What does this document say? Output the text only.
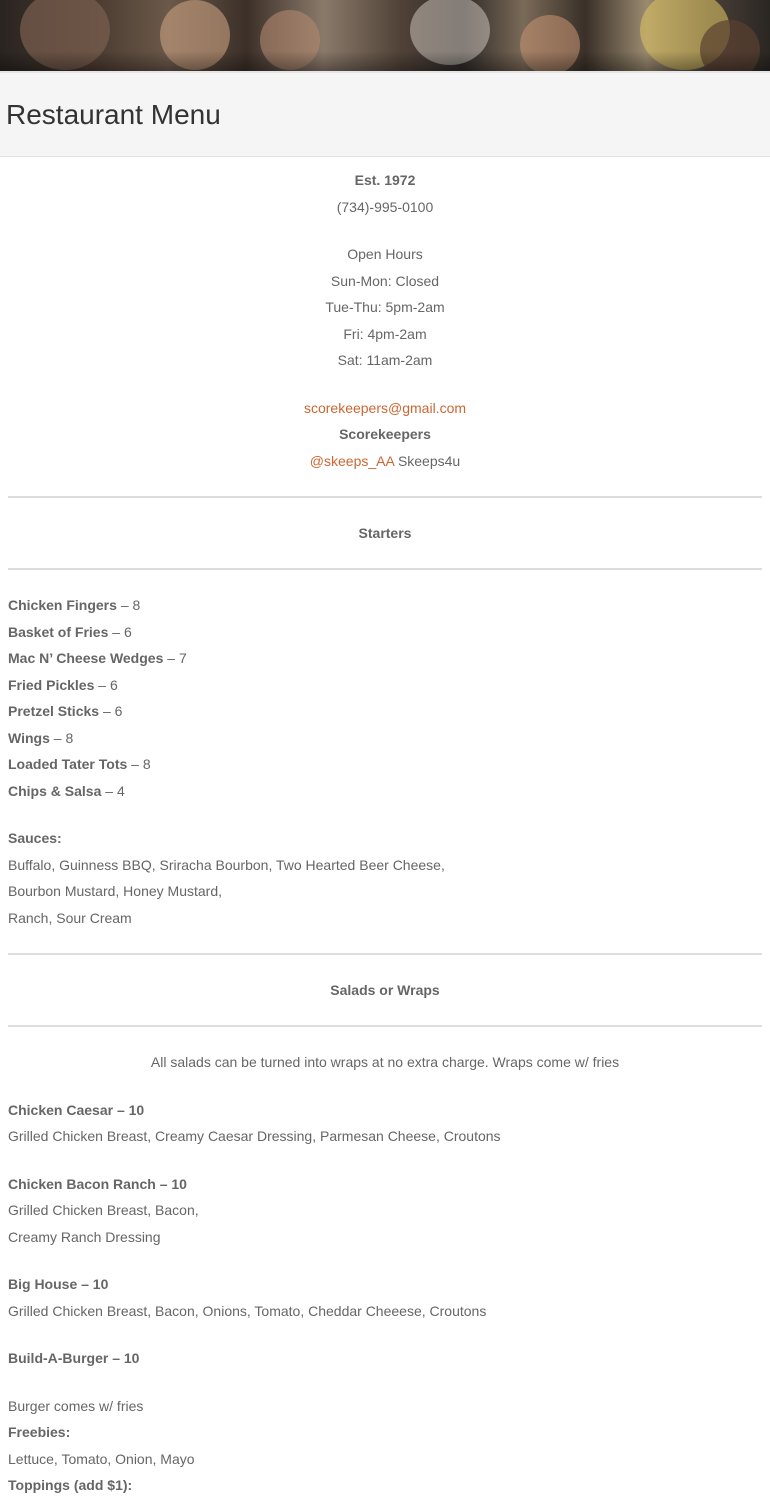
Restaurant Menu
Est. 1972
(734)-995-0100
Open Hours
Sun-Mon: Closed
Tue-Thu: 5pm-2am
Fri: 4pm-2am
Sat: 11am-2am
scorekeepers@gmail.com
Scorekeepers
@skeeps_AA Skeeps4u
Starters
Chicken Fingers – 8
Basket of Fries – 6
Mac N’ Cheese Wedges – 7
Fried Pickles – 6
Pretzel Sticks – 6
Wings – 8
Loaded Tater Tots – 8
Chips & Salsa – 4
Sauces:
Buffalo, Guinness BBQ, Sriracha Bourbon, Two Hearted Beer Cheese,
Bourbon Mustard, Honey Mustard,
Ranch, Sour Cream
Salads or Wraps
All salads can be turned into wraps at no extra charge. Wraps come w/ fries
Chicken Caesar – 10
Grilled Chicken Breast, Creamy Caesar Dressing, Parmesan Cheese, Croutons
Chicken Bacon Ranch – 10
Grilled Chicken Breast, Bacon,
Creamy Ranch Dressing
Big House – 10
Grilled Chicken Breast, Bacon, Onions, Tomato, Cheddar Cheeese, Croutons
Build-A-Burger – 10
Burger comes w/ fries
Freebies:
Lettuce, Tomato, Onion, Mayo
Toppings (add $1):
